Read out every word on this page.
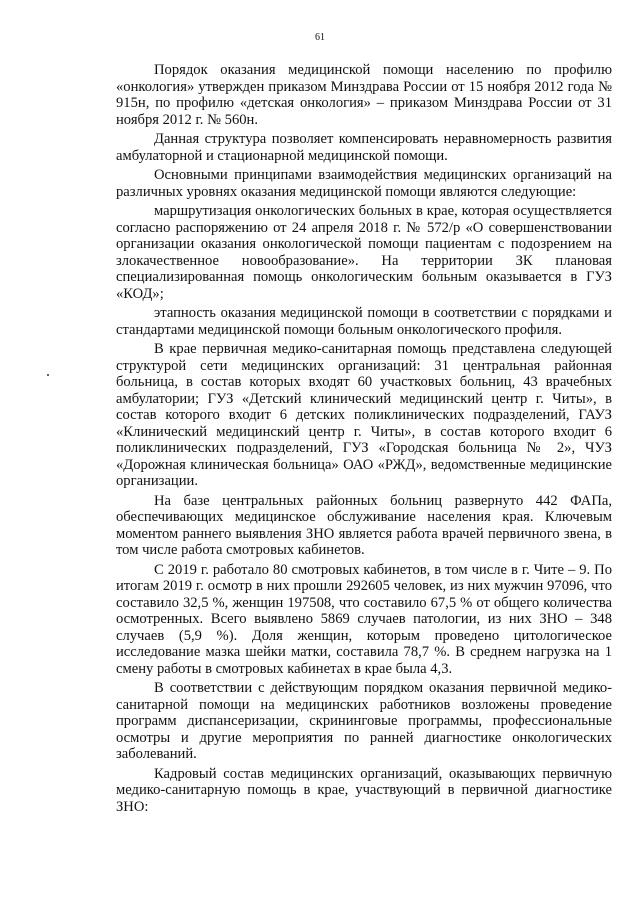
61

Порядок оказания медицинской помощи населению по профилю «онкология» утвержден приказом Минздрава России от 15 ноября 2012 года № 915н, по профилю «детская онкология» – приказом Минздрава России от 31 ноября 2012 г. № 560н.

Данная структура позволяет компенсировать неравномерность развития амбулаторной и стационарной медицинской помощи.

Основными принципами взаимодействия медицинских организаций на различных уровнях оказания медицинской помощи являются следующие:

маршрутизация онкологических больных в крае, которая осуществляется согласно распоряжению от 24 апреля 2018 г. № 572/р «О совершенствовании организации оказания онкологической помощи пациентам с подозрением на злокачественное новообразование». На территории ЗК плановая специализированная помощь онкологическим больным оказывается в ГУЗ «КОД»;

этапность оказания медицинской помощи в соответствии с порядками и стандартами медицинской помощи больным онкологического профиля.

В крае первичная медико-санитарная помощь представлена следующей структурой сети медицинских организаций: 31 центральная районная больница, в состав которых входят 60 участковых больниц, 43 врачебных амбулатории; ГУЗ «Детский клинический медицинский центр г. Читы», в состав которого входит 6 детских поликлинических подразделений, ГАУЗ «Клинический медицинский центр г. Читы», в состав которого входит 6 поликлинических подразделений, ГУЗ «Городская больница № 2», ЧУЗ «Дорожная клиническая больница» ОАО «РЖД», ведомственные медицинские организации.

На базе центральных районных больниц развернуто 442 ФАПа, обеспечивающих медицинское обслуживание населения края. Ключевым моментом раннего выявления ЗНО является работа врачей первичного звена, в том числе работа смотровых кабинетов.

С 2019 г. работало 80 смотровых кабинетов, в том числе в г. Чите – 9. По итогам 2019 г. осмотр в них прошли 292605 человек, из них мужчин 97096, что составило 32,5 %, женщин 197508, что составило 67,5 % от общего количества осмотренных. Всего выявлено 5869 случаев патологии, из них ЗНО – 348 случаев (5,9 %). Доля женщин, которым проведено цитологическое исследование мазка шейки матки, составила 78,7 %. В среднем нагрузка на 1 смену работы в смотровых кабинетах в крае была 4,3.

В соответствии с действующим порядком оказания первичной медико-санитарной помощи на медицинских работников возложены проведение программ диспансеризации, скрининговые программы, профессиональные осмотры и другие мероприятия по ранней диагностике онкологических заболеваний.

Кадровый состав медицинских организаций, оказывающих первичную медико-санитарную помощь в крае, участвующий в первичной диагностике ЗНО:
